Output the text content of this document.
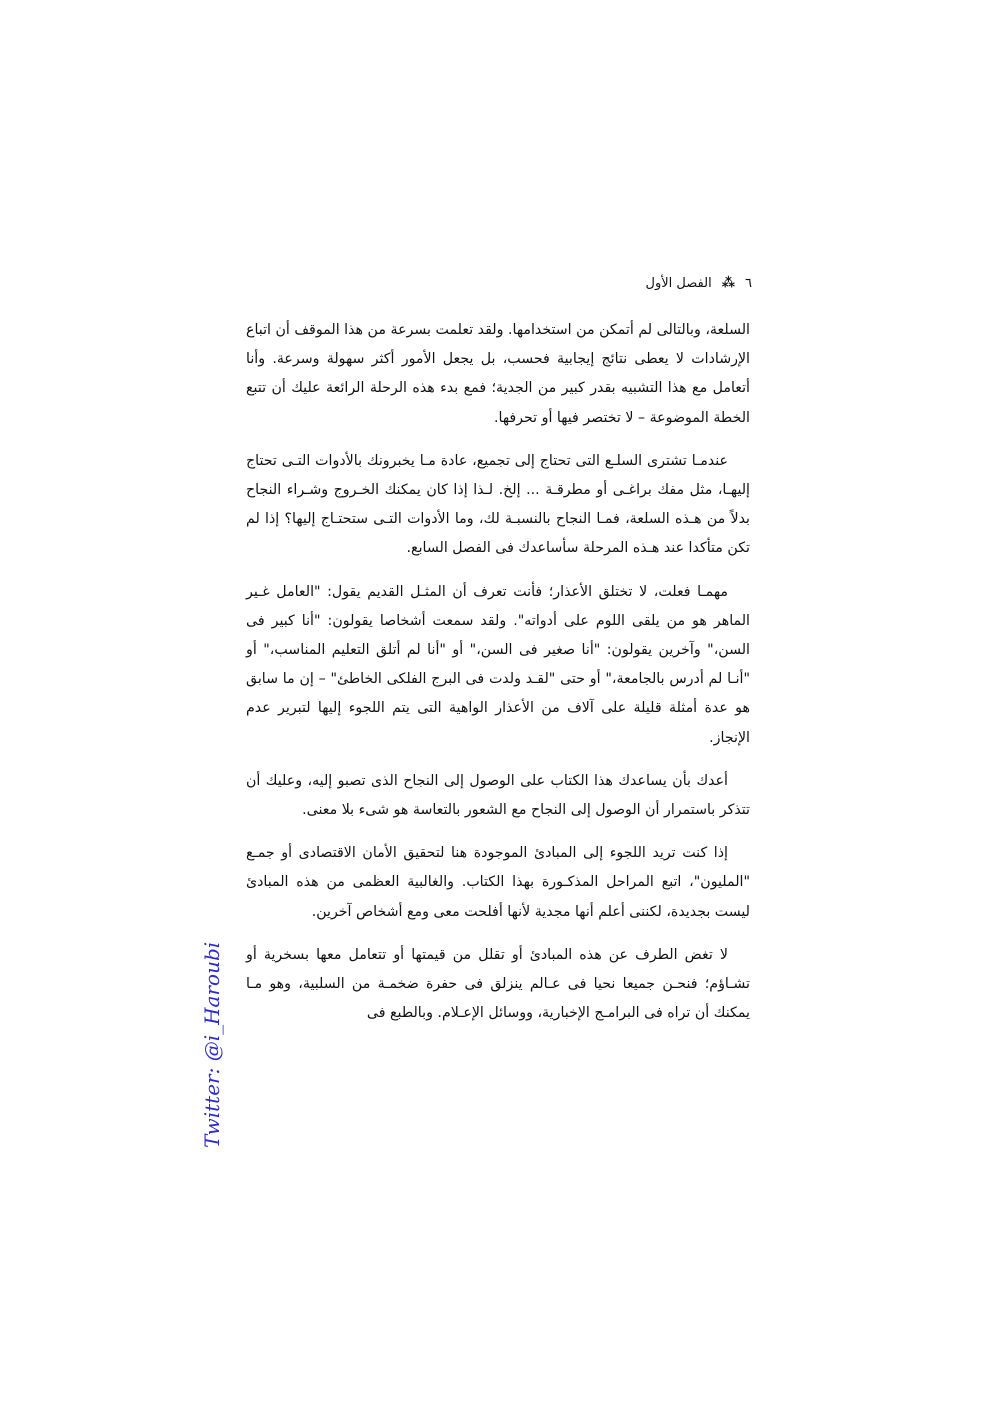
٦
⁂
الفصل الأول

السلعة، وبالتالى لم أتمكن من استخدامها. ولقد تعلمت بسرعة من هذا الموقف أن اتباع الإرشادات لا يعطى نتائج إيجابية فحسب، بل يجعل الأمور أكثر سهولة وسرعة. وأنا أتعامل مع هذا التشبيه بقدر كبير من الجدية؛ فمع بدء هذه الرحلة الرائعة عليك أن تتبع الخطة الموضوعة – لا تختصر فيها أو تحرفها.

عندمـا تشترى السلـع التى تحتاج إلى تجميع، عادة مـا يخبرونك بالأدوات التـى تحتاج إليهـا، مثل مفك براغـى أو مطرقـة ... إلخ. لـذا إذا كان يمكنك الخـروج وشـراء النجاح بدلاً من هـذه السلعة، فمـا النجاح بالنسبـة لك، وما الأدوات التـى ستحتـاج إليها؟ إذا لم تكن متأكدا عند هـذه المرحلة سأساعدك فى الفصل السابع.

مهمـا فعلت، لا تختلق الأعذار؛ فأنت تعرف أن المثـل القديم يقول: "العامل غـير الماهر هو من يلقى اللوم على أدواته". ولقد سمعت أشخاصا يقولون: "أنا كبير فى السن،" وآخرين يقولون: "أنا صغير فى السن،" أو "أنا لم أتلق التعليم المناسب،" أو "أنـا لم أدرس بالجامعة،" أو حتى "لقـد ولدت فى البرج الفلكى الخاطئ" – إن ما سابق هو عدة أمثلة قليلة على آلاف من الأعذار الواهية التى يتم اللجوء إليها لتبرير عدم الإنجاز.

أعدك بأن يساعدك هذا الكتاب على الوصول إلى النجاح الذى تصبو إليه، وعليك أن تتذكر باستمرار أن الوصول إلى النجاح مع الشعور بالتعاسة هو شىء بلا معنى.

إذا كنت تريد اللجوء إلى المبادئ الموجودة هنا لتحقيق الأمان الاقتصادى أو جمـع "المليون"، اتبع المراحل المذكـورة بهذا الكتاب. والغالبية العظمى من هذه المبادئ ليست بجديدة، لكننى أعلم أنها مجدية لأنها أفلحت معى ومع أشخاص آخرين.

لا تغض الطرف عن هذه المبادئ أو تقلل من قيمتها أو تتعامل معها بسخرية أو تشـاؤم؛ فنحـن جميعا نحيا فى عـالم ينزلق فى حفرة ضخمـة من السلبية، وهو مـا يمكنك أن تراه فى البرامـج الإخبارية، ووسائل الإعـلام. وبالطبع فى

Twitter: @i_Haroubi
